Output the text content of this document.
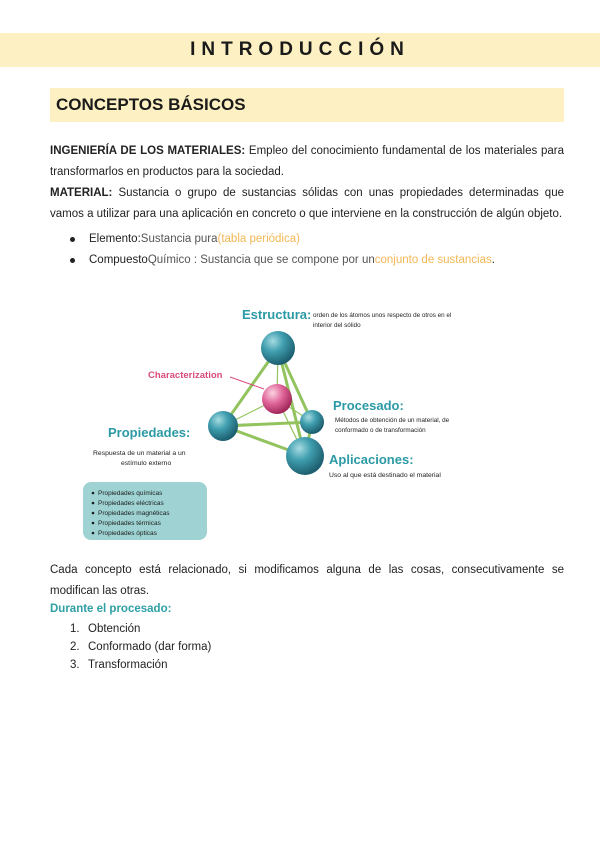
INTRODUCCIÓN
CONCEPTOS BÁSICOS
INGENIERÍA DE LOS MATERIALES: Empleo del conocimiento fundamental de los materiales para transformarlos en productos para la sociedad.
MATERIAL: Sustancia o grupo de sustancias sólidas con unas propiedades determinadas que vamos a utilizar para una aplicación en concreto o que interviene en la construcción de algún objeto.
Elemento: Sustancia pura (tabla periódica)
Compuesto Químico : Sustancia que se compone por un conjunto de sustancias .
Estructura: orden de los átomos unos respecto de otros en el
interior del sólido
Characterization
Procesado:
Métodos de obtención de un material, de
conformado o de transformación
Propiedades:
Respuesta de un material a un
estímulo externo	Aplicaciones:
Uso al que está destinado el material
Propiedades químicas
Propiedades eléctricas
Propiedades magnéticas
Propiedades térmicas
Propiedades ópticas
Cada concepto está relacionado, si modificamos alguna de las cosas, consecutivamente se modifican las otras.
Durante el procesado:
1. Obtención
2. Conformado (dar forma)
3. Transformación
